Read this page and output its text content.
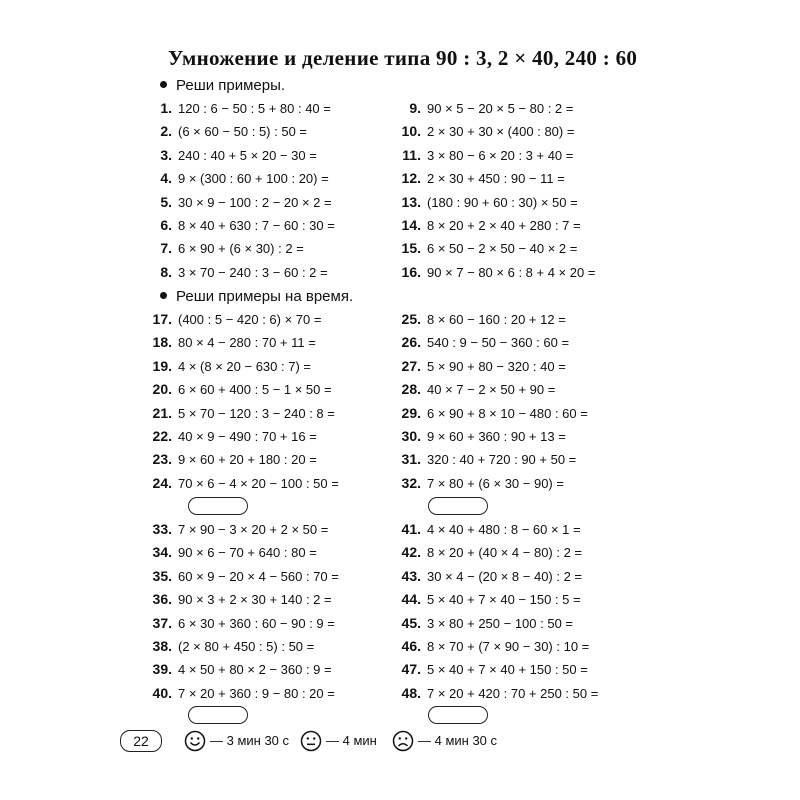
Умножение и деление типа 90 : 3, 2 × 40, 240 : 60
Реши примеры.
Реши примеры на время.
1. 120 : 6 − 50 : 5 + 80 : 40 =
2. (6 × 60 − 50 : 5) : 50 =
3. 240 : 40 + 5 × 20 − 30 =
4. 9 × (300 : 60 + 100 : 20) =
5. 30 × 9 − 100 : 2 − 20 × 2 =
6. 8 × 40 + 630 : 7 − 60 : 30 =
7. 6 × 90 + (6 × 30) : 2 =
8. 3 × 70 − 240 : 3 − 60 : 2 =
9. 90 × 5 − 20 × 5 − 80 : 2 =
10. 2 × 30 + 30 × (400 : 80) =
11. 3 × 80 − 6 × 20 : 3 + 40 =
12. 2 × 30 + 450 : 90 − 11 =
13. (180 : 90 + 60 : 30) × 50 =
14. 8 × 20 + 2 × 40 + 280 : 7 =
15. 6 × 50 − 2 × 50 − 40 × 2 =
16. 90 × 7 − 80 × 6 : 8 + 4 × 20 =
17. (400 : 5 − 420 : 6) × 70 =
18. 80 × 4 − 280 : 70 + 11 =
19. 4 × (8 × 20 − 630 : 7) =
20. 6 × 60 + 400 : 5 − 1 × 50 =
21. 5 × 70 − 120 : 3 − 240 : 8 =
22. 40 × 9 − 490 : 70 + 16 =
23. 9 × 60 + 20 + 180 : 20 =
24. 70 × 6 − 4 × 20 − 100 : 50 =
25. 8 × 60 − 160 : 20 + 12 =
26. 540 : 9 − 50 − 360 : 60 =
27. 5 × 90 + 80 − 320 : 40 =
28. 40 × 7 − 2 × 50 + 90 =
29. 6 × 90 + 8 × 10 − 480 : 60 =
30. 9 × 60 + 360 : 90 + 13 =
31. 320 : 40 + 720 : 90 + 50 =
32. 7 × 80 + (6 × 30 − 90) =
33. 7 × 90 − 3 × 20 + 2 × 50 =
34. 90 × 6 − 70 + 640 : 80 =
35. 60 × 9 − 20 × 4 − 560 : 70 =
36. 90 × 3 + 2 × 30 + 140 : 2 =
37. 6 × 30 + 360 : 60 − 90 : 9 =
38. (2 × 80 + 450 : 5) : 50 =
39. 4 × 50 + 80 × 2 − 360 : 9 =
40. 7 × 20 + 360 : 9 − 80 : 20 =
41. 4 × 40 + 480 : 8 − 60 × 1 =
42. 8 × 20 + (40 × 4 − 80) : 2 =
43. 30 × 4 − (20 × 8 − 40) : 2 =
44. 5 × 40 + 7 × 40 − 150 : 5 =
45. 3 × 80 + 250 − 100 : 50 =
46. 8 × 70 + (7 × 90 − 30) : 10 =
47. 5 × 40 + 7 × 40 + 150 : 50 =
48. 7 × 20 + 420 : 70 + 250 : 50 =
22	— 3 мин 30 с	— 4 мин	— 4 мин 30 с
